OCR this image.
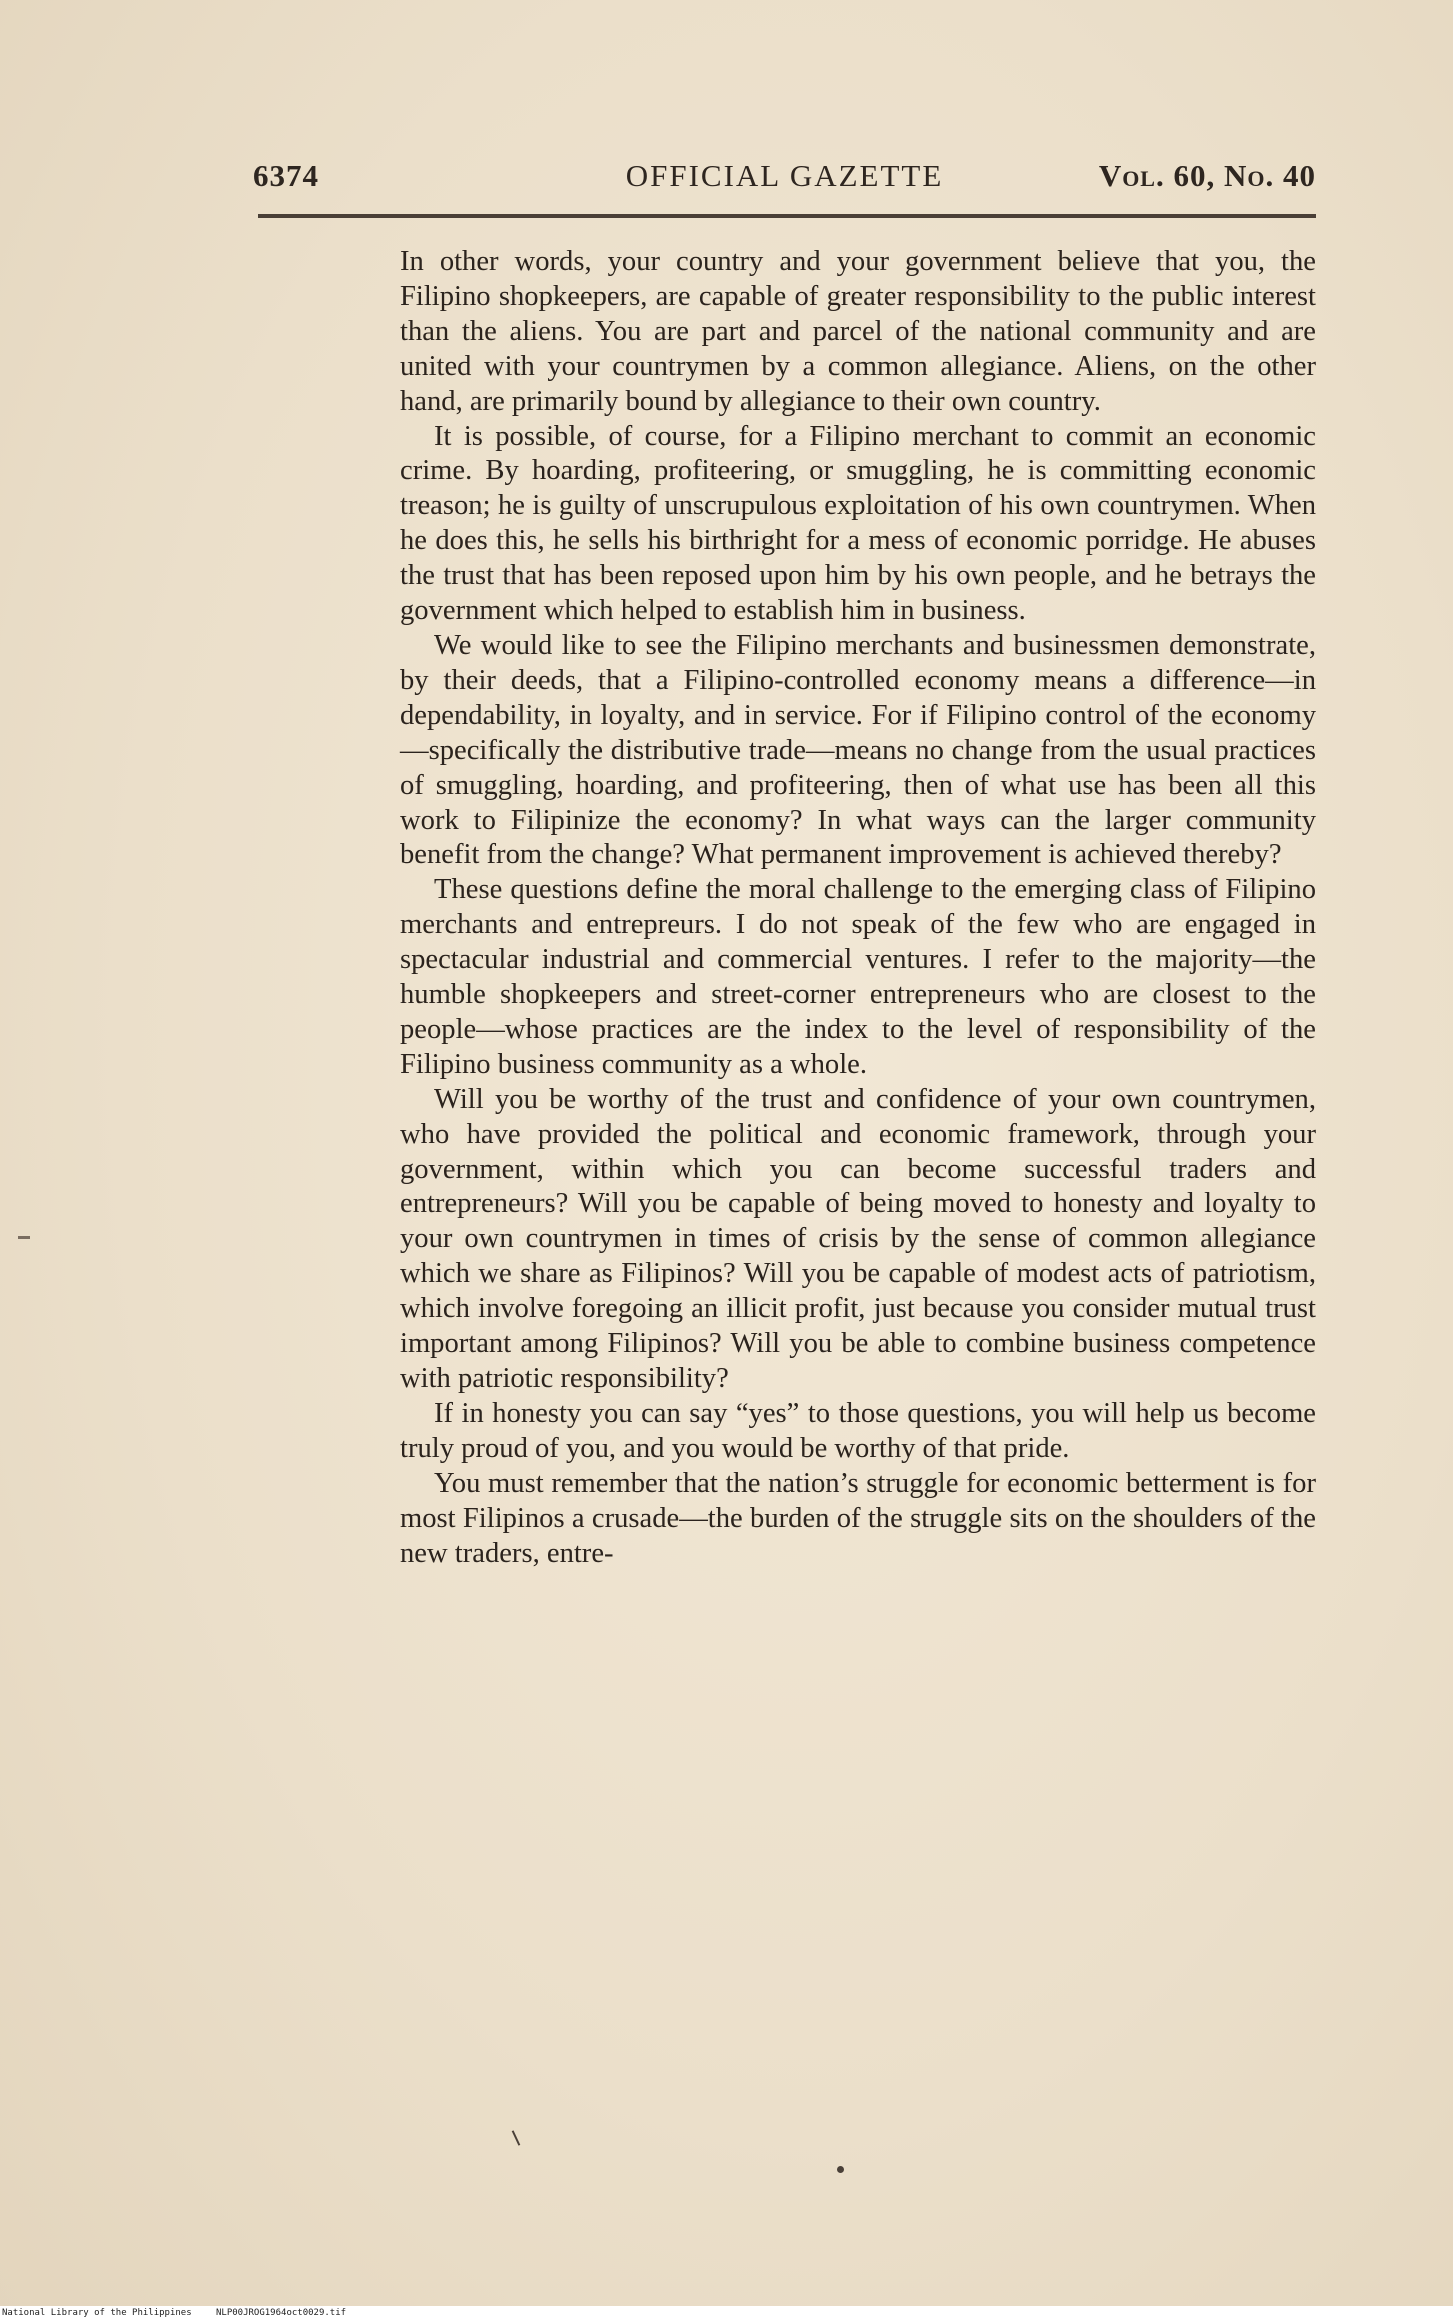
6374	OFFICIAL GAZETTE	Vol. 60, No. 40

In other words, your country and your government believe that you, the Filipino shopkeepers, are capable of greater responsibility to the public interest than the aliens. You are part and parcel of the national community and are united with your countrymen by a common allegiance. Aliens, on the other hand, are primarily bound by allegiance to their own country.

It is possible, of course, for a Filipino merchant to commit an economic crime. By hoarding, profiteering, or smuggling, he is committing economic treason; he is guilty of unscrupulous exploitation of his own countrymen. When he does this, he sells his birthright for a mess of economic porridge. He abuses the trust that has been reposed upon him by his own people, and he betrays the government which helped to establish him in business.

We would like to see the Filipino merchants and businessmen demonstrate, by their deeds, that a Filipino-controlled economy means a difference—in dependability, in loyalty, and in service. For if Filipino control of the economy—specifically the distributive trade—means no change from the usual practices of smuggling, hoarding, and profiteering, then of what use has been all this work to Filipinize the economy? In what ways can the larger community benefit from the change? What permanent improvement is achieved thereby?

These questions define the moral challenge to the emerging class of Filipino merchants and entrepreurs. I do not speak of the few who are engaged in spectacular industrial and commercial ventures. I refer to the majority—the humble shopkeepers and street-corner entrepreneurs who are closest to the people—whose practices are the index to the level of responsibility of the Filipino business community as a whole.

Will you be worthy of the trust and confidence of your own countrymen, who have provided the political and economic framework, through your government, within which you can become successful traders and entrepreneurs? Will you be capable of being moved to honesty and loyalty to your own countrymen in times of crisis by the sense of common allegiance which we share as Filipinos? Will you be capable of modest acts of patriotism, which involve foregoing an illicit profit, just because you consider mutual trust important among Filipinos? Will you be able to combine business competence with patriotic responsibility?

If in honesty you can say “yes” to those questions, you will help us become truly proud of you, and you would be worthy of that pride.

You must remember that the nation’s struggle for economic betterment is for most Filipinos a crusade—the burden of the struggle sits on the shoulders of the new traders, entre-

National Library of the Philippines	NLP00JROG1964oct0029.tif
